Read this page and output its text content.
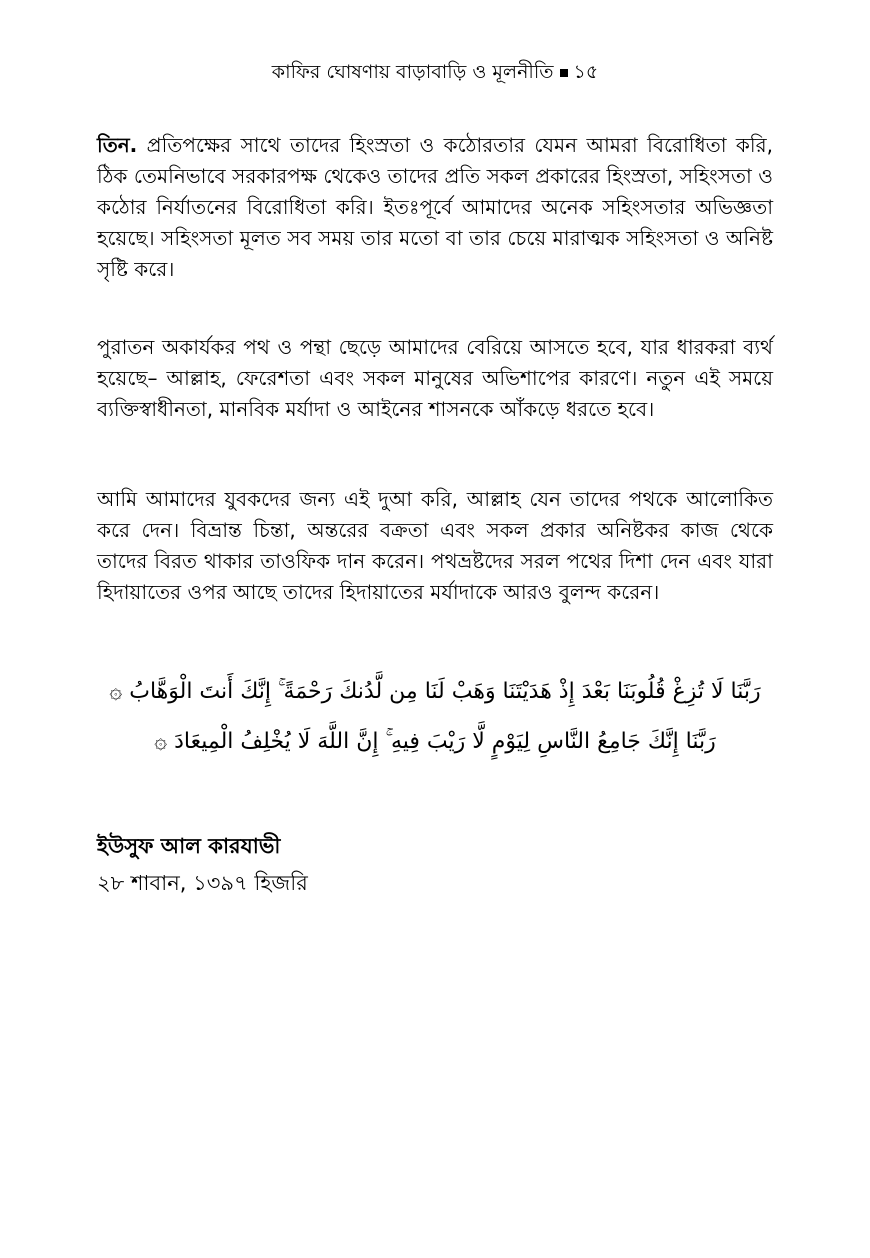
কাফির ঘোষণায় বাড়াবাড়ি ও মূলনীতি ১৫
তিন. প্রতিপক্ষের সাথে তাদের হিংস্রতা ও কঠোরতার যেমন আমরা বিরোধিতা করি, ঠিক তেমনিভাবে সরকারপক্ষ থেকেও তাদের প্রতি সকল প্রকারের হিংস্রতা, সহিংসতা ও কঠোর নির্যাতনের বিরোধিতা করি। ইতঃপূর্বে আমাদের অনেক সহিংসতার অভিজ্ঞতা হয়েছে। সহিংসতা মূলত সব সময় তার মতো বা তার চেয়ে মারাত্মক সহিংসতা ও অনিষ্ট সৃষ্টি করে।
পুরাতন অকার্যকর পথ ও পন্থা ছেড়ে আমাদের বেরিয়ে আসতে হবে, যার ধারকরা ব্যর্থ হয়েছে– আল্লাহ, ফেরেশতা এবং সকল মানুষের অভিশাপের কারণে। নতুন এই সময়ে ব্যক্তিস্বাধীনতা, মানবিক মর্যাদা ও আইনের শাসনকে আঁকড়ে ধরতে হবে।
আমি আমাদের যুবকদের জন্য এই দুআ করি, আল্লাহ যেন তাদের পথকে আলোকিত করে দেন। বিভ্রান্ত চিন্তা, অন্তরের বক্রতা এবং সকল প্রকার অনিষ্টকর কাজ থেকে তাদের বিরত থাকার তাওফিক দান করেন। পথভ্রষ্টদের সরল পথের দিশা দেন এবং যারা হিদায়াতের ওপর আছে তাদের হিদায়াতের মর্যাদাকে আরও বুলন্দ করেন।
رَبَّنَا لَا تُزِغْ قُلُوبَنَا بَعْدَ إِذْ هَدَيْتَنَا وَهَبْ لَنَا مِن لَّدُنكَ رَحْمَةً ۚ إِنَّكَ أَنتَ الْوَهَّابُ ۞
رَبَّنَا إِنَّكَ جَامِعُ النَّاسِ لِيَوْمٍ لَّا رَيْبَ فِيهِ ۚ إِنَّ اللَّهَ لَا يُخْلِفُ الْمِيعَادَ ۞
ইউসুফ আল কারযাভী
২৮ শাবান, ১৩৯৭ হিজরি
